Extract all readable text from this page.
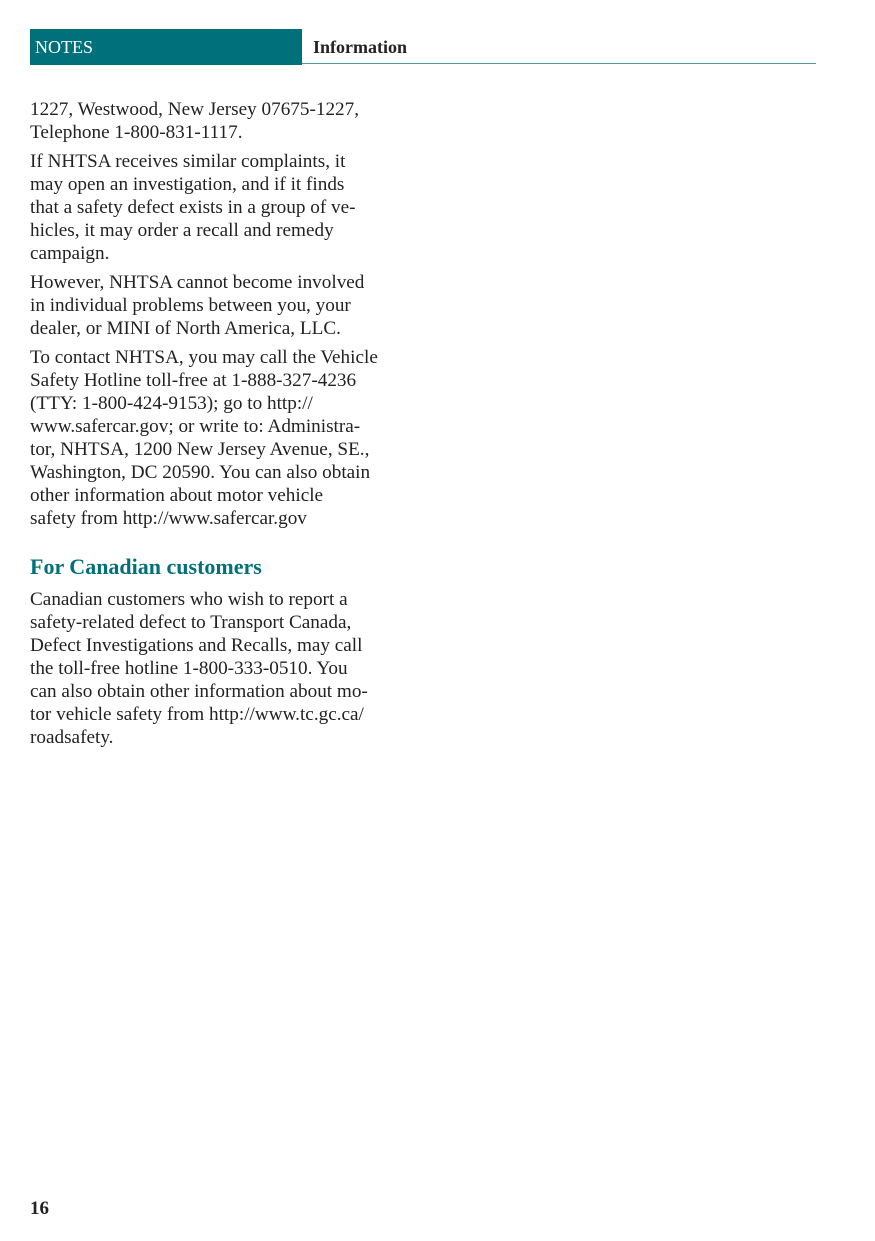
NOTES	Information

1227, Westwood, New Jersey 07675-1227,
Telephone 1-800-831-1117.

If NHTSA receives similar complaints, it
may open an investigation, and if it finds
that a safety defect exists in a group of ve-
hicles, it may order a recall and remedy
campaign.

However, NHTSA cannot become involved
in individual problems between you, your
dealer, or MINI of North America, LLC.

To contact NHTSA, you may call the Vehicle
Safety Hotline toll-free at 1-888-327-4236
(TTY: 1-800-424-9153); go to http://
www.safercar.gov; or write to: Administra-
tor, NHTSA, 1200 New Jersey Avenue, SE.,
Washington, DC 20590. You can also obtain
other information about motor vehicle
safety from http://www.safercar.gov

For Canadian customers

Canadian customers who wish to report a
safety-related defect to Transport Canada,
Defect Investigations and Recalls, may call
the toll-free hotline 1-800-333-0510. You
can also obtain other information about mo-
tor vehicle safety from http://www.tc.gc.ca/
roadsafety.

16
